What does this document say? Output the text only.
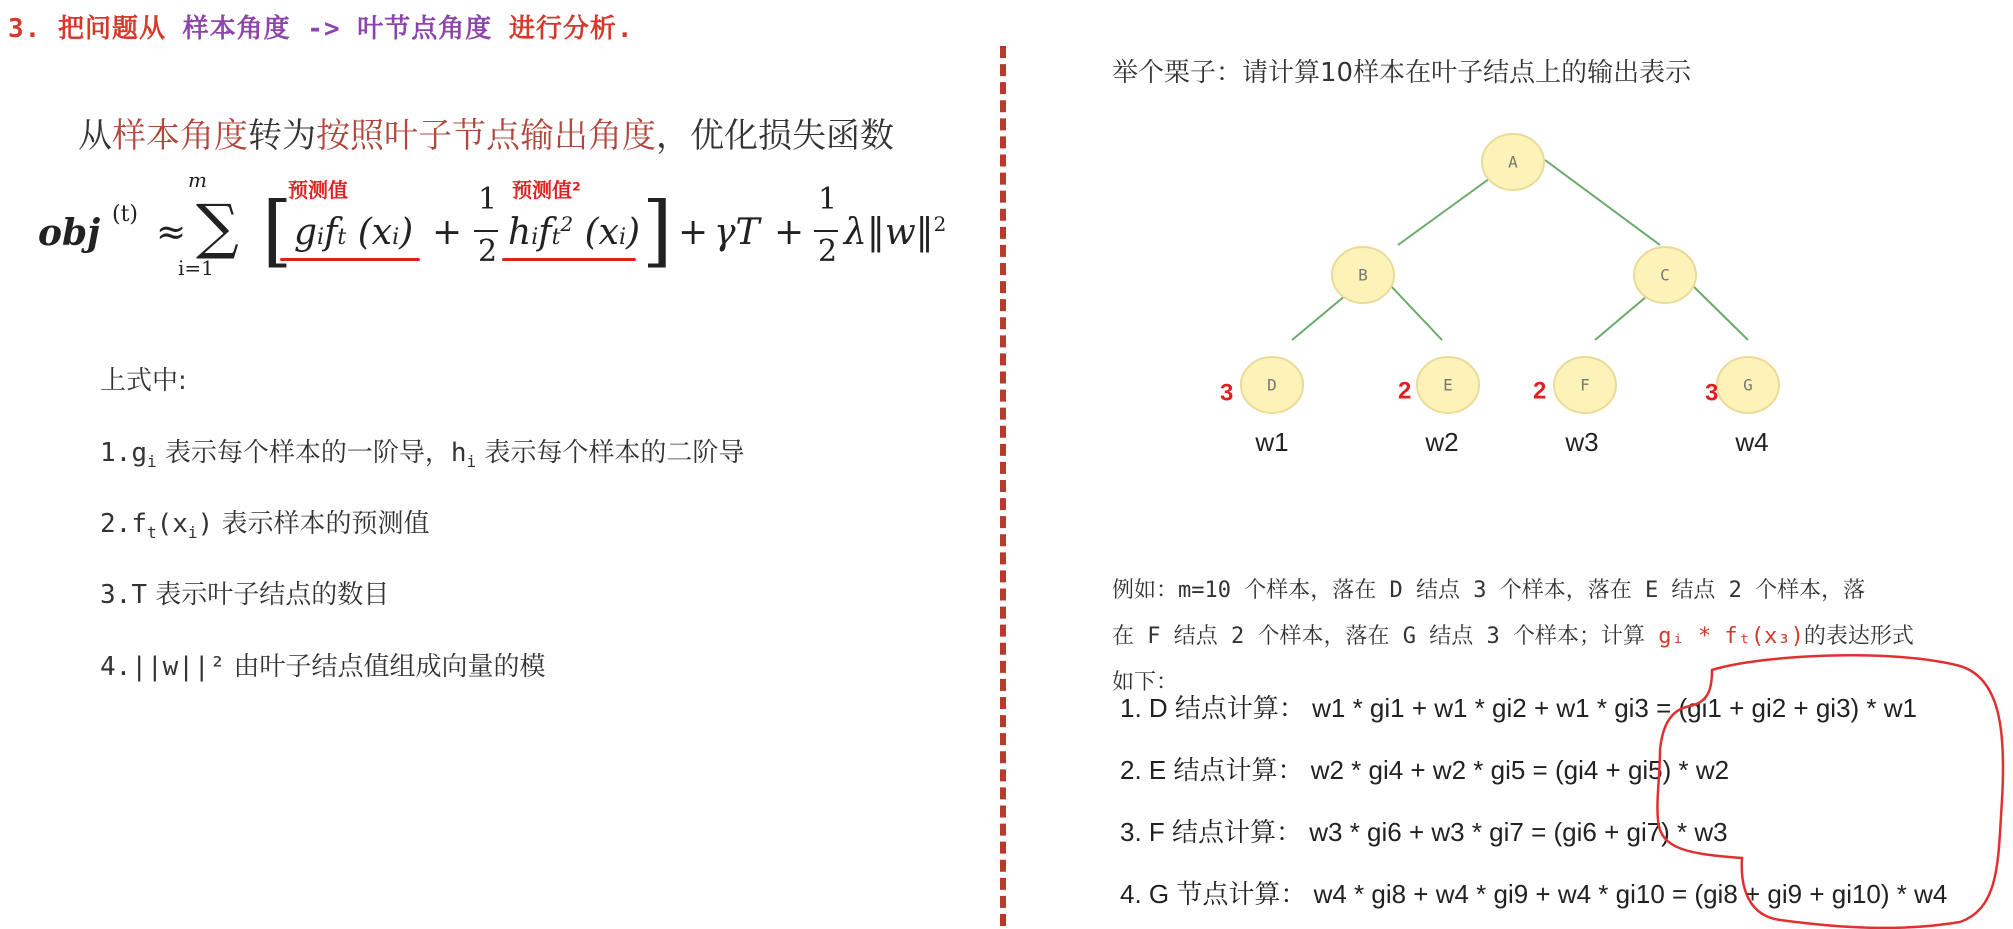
3. 把问题从 样本角度 -> 叶节点角度 进行分析.
从样本角度转为按照叶子节点输出角度，优化损失函数
预测值	预测值²
obj (t) ≈
m
∑
i=1 [ gift (xi) +
1
2 hift$^2$ (xi) ] + γT +
1
2 λ‖w‖$^2$
上式中:
$1.g_i$ 表示每个样本的一阶导，$h_i$ 表示每个样本的二阶导
$2.f_t(x_i)$ 表示样本的预测值
3.T 表示叶子结点的数目
4.||w||² 由叶子结点值组成向量的模
举个栗子：请计算10样本在叶子结点上的输出表示
A
B	C
D	E	F	G
3	2	2	3
w1	w2	w3	w4
例如：m=10 个样本，落在 D 结点 3 个样本，落在 E 结点 2 个样本，落
在 F 结点 2 个样本，落在 G 结点 3 个样本；计算 gᵢ * fₜ(x₃)的表达形式
如下：
1. D 结点计算： w1 * gi1 + w1 * gi2 + w1 * gi3 = (gi1 + gi2 + gi3) * w1
2. E 结点计算： w2 * gi4 + w2 * gi5 = (gi4 + gi5) * w2
3. F 结点计算： w3 * gi6 + w3 * gi7 = (gi6 + gi7) * w3
4. G 节点计算： w4 * gi8 + w4 * gi9 + w4 * gi10 = (gi8 + gi9 + gi10) * w4
